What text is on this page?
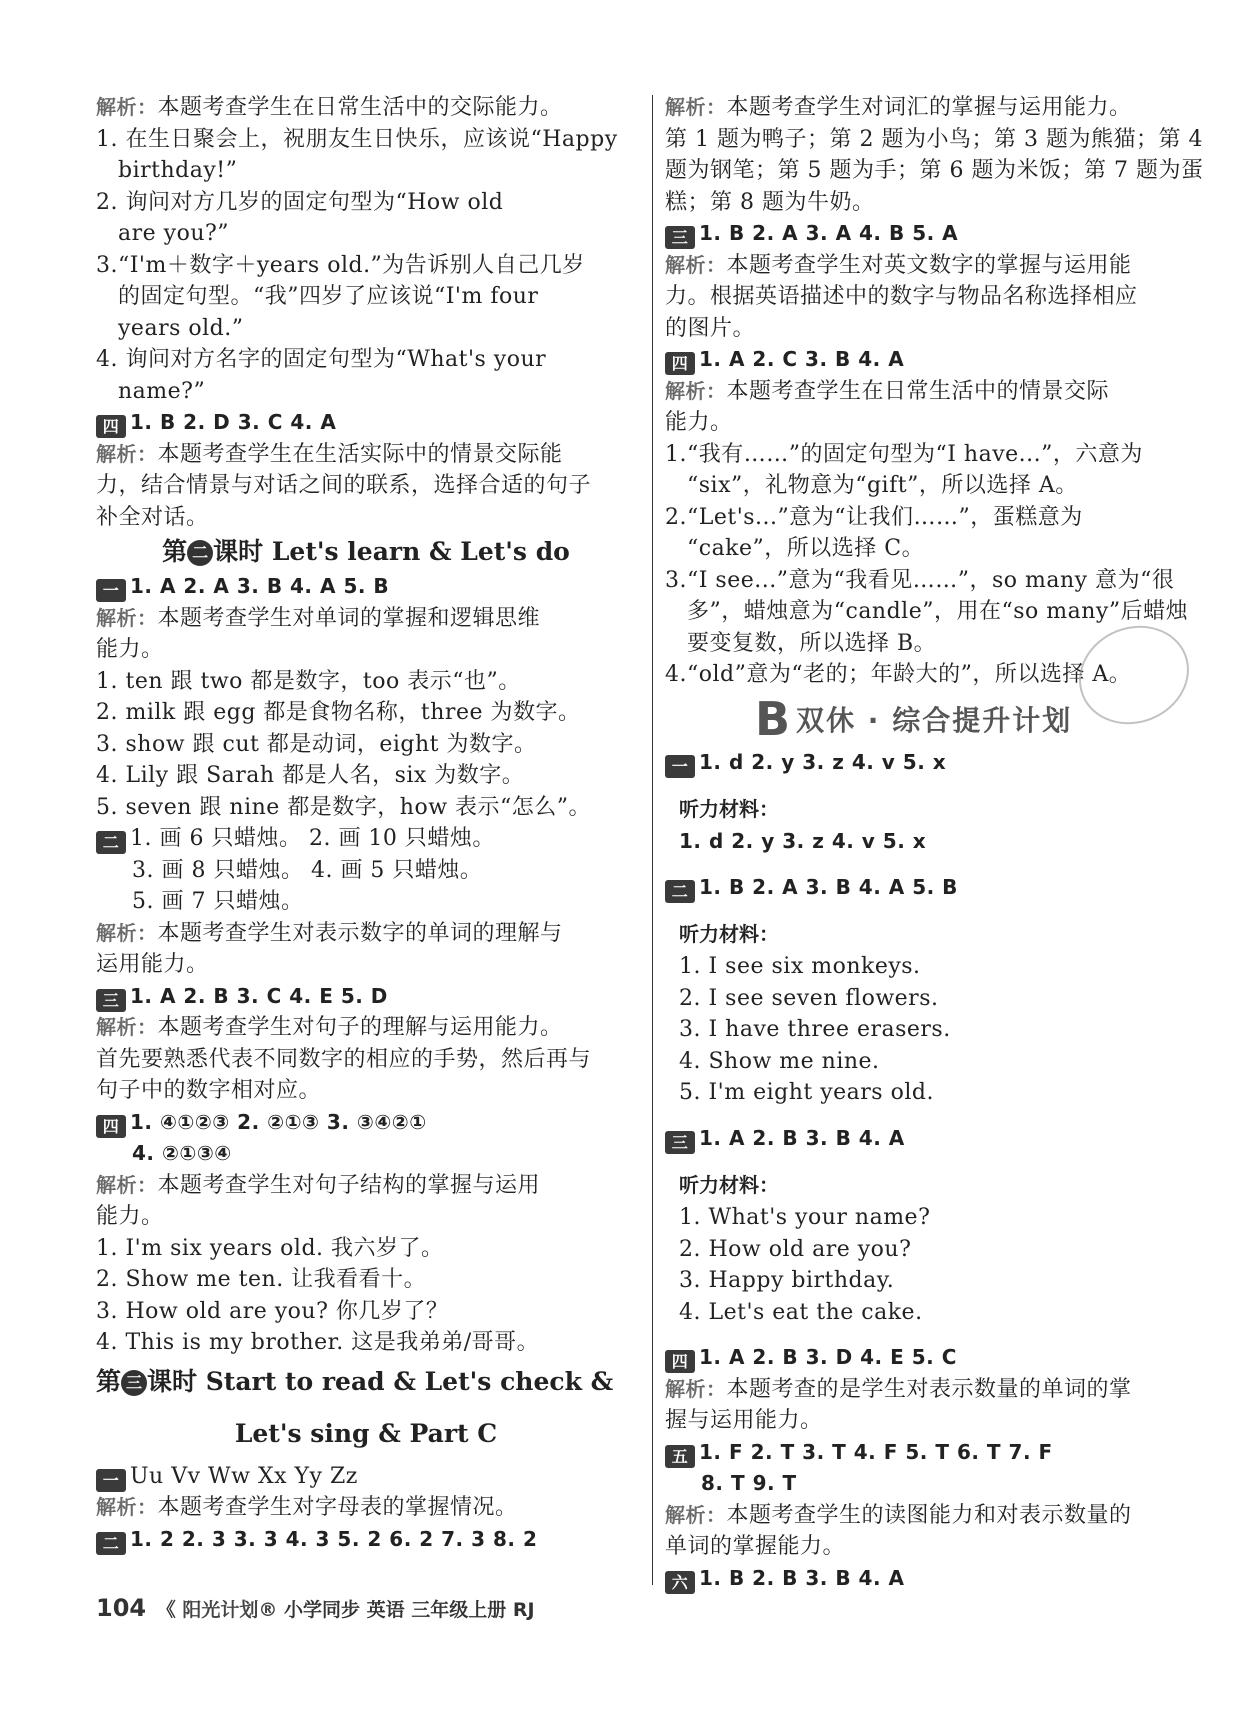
解析：本题考查学生在日常生活中的交际能力。
1. 在生日聚会上，祝朋友生日快乐，应该说“Happy
birthday!”
2. 询问对方几岁的固定句型为“How old
are you?”
3.“I'm＋数字＋years old.”为告诉别人自己几岁
的固定句型。“我”四岁了应该说“I'm four
years old.”
4. 询问对方名字的固定句型为“What's your
name?”
四 1. B 2. D 3. C 4. A
解析：本题考查学生在生活实际中的情景交际能
力，结合情景与对话之间的联系，选择合适的句子
补全对话。
第 二 课时 Let's learn & Let's do
一 1. A 2. A 3. B 4. A 5. B
解析：本题考查学生对单词的掌握和逻辑思维
能力。
1. ten 跟 two 都是数字，too 表示“也”。
2. milk 跟 egg 都是食物名称，three 为数字。
3. show 跟 cut 都是动词，eight 为数字。
4. Lily 跟 Sarah 都是人名，six 为数字。
5. seven 跟 nine 都是数字，how 表示“怎么”。
二 1. 画 6 只蜡烛。 2. 画 10 只蜡烛。
3. 画 8 只蜡烛。 4. 画 5 只蜡烛。
5. 画 7 只蜡烛。
解析：本题考查学生对表示数字的单词的理解与
运用能力。
三 1. A 2. B 3. C 4. E 5. D
解析：本题考查学生对句子的理解与运用能力。
首先要熟悉代表不同数字的相应的手势，然后再与
句子中的数字相对应。
四 1. ④①②③ 2. ②①③ 3. ③④②①
4. ②①③④
解析：本题考查学生对句子结构的掌握与运用
能力。
1. I'm six years old. 我六岁了。
2. Show me ten. 让我看看十。
3. How old are you? 你几岁了？
4. This is my brother. 这是我弟弟/哥哥。
第 三 课时 Start to read & Let's check &
Let's sing & Part C
一 Uu Vv Ww Xx Yy Zz
解析：本题考查学生对字母表的掌握情况。
二 1. 2 2. 3 3. 3 4. 3 5. 2 6. 2 7. 3 8. 2
解析：本题考查学生对词汇的掌握与运用能力。
第 1 题为鸭子；第 2 题为小鸟；第 3 题为熊猫；第 4
题为钢笔；第 5 题为手；第 6 题为米饭；第 7 题为蛋
糕；第 8 题为牛奶。
三 1. B 2. A 3. A 4. B 5. A
解析：本题考查学生对英文数字的掌握与运用能
力。根据英语描述中的数字与物品名称选择相应
的图片。
四 1. A 2. C 3. B 4. A
解析：本题考查学生在日常生活中的情景交际
能力。
1.“我有……”的固定句型为“I have...”，六意为
“six”，礼物意为“gift”，所以选择 A。
2.“Let's...”意为“让我们……”，蛋糕意为
“cake”，所以选择 C。
3.“I see...”意为“我看见……”，so many 意为“很
多”，蜡烛意为“candle”，用在“so many”后蜡烛
要变复数，所以选择 B。
4.“old”意为“老的；年龄大的”，所以选择 A。
B 双休 · 综合提升计划
一 1. d 2. y 3. z 4. v 5. x
听力材料：
1. d 2. y 3. z 4. v 5. x
二 1. B 2. A 3. B 4. A 5. B
听力材料：
1. I see six monkeys.
2. I see seven flowers.
3. I have three erasers.
4. Show me nine.
5. I'm eight years old.
三 1. A 2. B 3. B 4. A
听力材料：
1. What's your name?
2. How old are you?
3. Happy birthday.
4. Let's eat the cake.
四 1. A 2. B 3. D 4. E 5. C
解析：本题考查的是学生对表示数量的单词的掌
握与运用能力。
五 1. F 2. T 3. T 4. F 5. T 6. T 7. F
8. T 9. T
解析：本题考查学生的读图能力和对表示数量的
单词的掌握能力。
六 1. B 2. B 3. B 4. A
104 《 阳光计划® 小学同步 英语 三年级上册 RJ
